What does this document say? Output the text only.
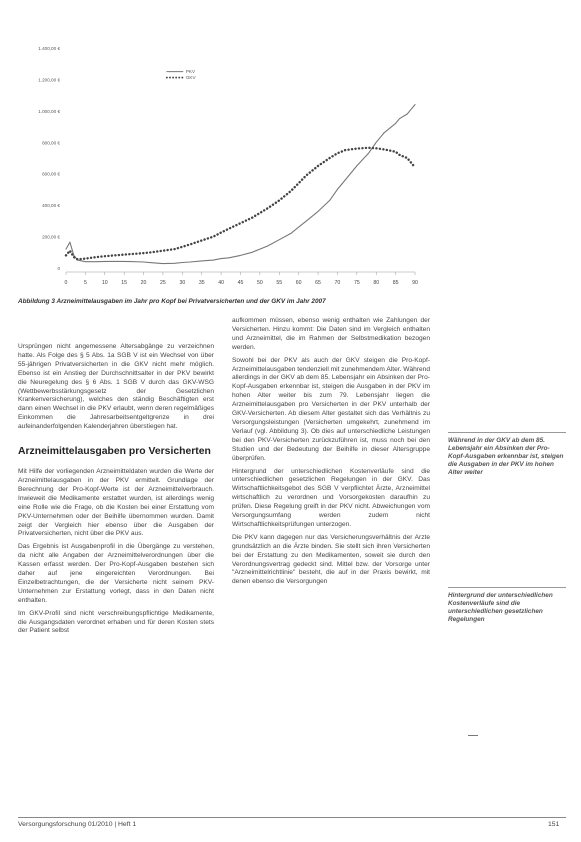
1.400,00 €
1.200,00 €
1.000,00 €
800,00 €
600,00 €
400,00 €
200,00 €
0
0	5	10	15	20	25	30	35	40	45	50	55	60	65	70	75	80	85	90
PKV
GKV
Abbildung 3 Arzneimittelausgaben im Jahr pro Kopf bei Privatversicherten und der GKV im Jahr 2007

Ursprüngen nicht angemessene Altersabgänge zu verzeichnen hatte. Als Folge des § 5 Abs. 1a SGB V ist ein Wechsel von über 55-jährigen Privatversicherten in die GKV nicht mehr möglich. Ebenso ist ein Anstieg der Durchschnittsalter in der PKV bewirkt die Neuregelung des § 6 Abs. 1 SGB V durch das GKV-WSG (Wettbewerbsstärkungsgesetz der Gesetzlichen Krankenversicherung), welches den ständig Beschäftigten erst dann einen Wechsel in die PKV erlaubt, wenn deren regelmäßiges Einkommen die Jahresarbeitsentgeltgrenze in drei aufeinanderfolgenden Kalenderjahren überstiegen hat.

Arzneimittelausgaben pro Versicherten

Mit Hilfe der vorliegenden Arzneimitteldaten wurden die Werte der Arzneimittelausgaben in der PKV ermittelt. Grundlage der Berechnung der Pro-Kopf-Werte ist der Arzneimittelverbrauch. Inwieweit die Medikamente erstattet wurden, ist allerdings wenig eine Rolle wie die Frage, ob die Kosten bei einer Erstattung vom PKV-Unternehmen oder der Beihilfe übernommen wurden. Damit zeigt der Vergleich hier ebenso über die Ausgaben der Privatversicherten, nicht über die PKV aus.

Das Ergebnis ist Ausgabenprofil in die Übergänge zu verstehen, da nicht alle Angaben der Arzneimittelverordnungen über die Kassen erfasst werden. Der Pro-Kopf-Ausgaben bestehen sich daher auf jene eingereichten Verordnungen. Bei Einzelbetrachtungen, die der Versicherte nicht seinem PKV-Unternehmen zur Erstattung vorlegt, dass in den Daten nicht enthalten.

Im GKV-Profil sind nicht verschreibungspflichtige Medikamente, die Ausgangsdaten verordnet erhaben und für deren Kosten stets der Patient selbst

aufkommen müssen, ebenso wenig enthalten wie Zahlungen der Versicherten. Hinzu kommt: Die Daten sind im Vergleich enthalten und Arzneimittel, die im Rahmen der Selbstmedikation bezogen werden.

Sowohl bei der PKV als auch der GKV steigen die Pro-Kopf-Arzneimittelausgaben tendenziell mit zunehmendem Alter. Während allerdings in der GKV ab dem 85. Lebensjahr ein Absinken der Pro-Kopf-Ausgaben erkennbar ist, steigen die Ausgaben in der PKV im hohen Alter weiter bis zum 79. Lebensjahr liegen die Arzneimittelausgaben pro Versicherten in der PKV unterhalb der GKV-Versicherten. Ab diesem Alter gestaltet sich das Verhältnis zu Versorgungsleistungen (Versicherten umgekehrt, zunehmend im Verlauf (vgl. Abbildung 3). Ob dies auf unterschiedliche Leistungen bei den PKV-Versicherten zurückzuführen ist, muss noch bei den Studien und der Bedeutung der Beihilfe in dieser Altersgruppe überprüfen.

Hintergrund der unterschiedlichen Kostenverläufe sind die unterschiedlichen gesetzlichen Regelungen in der GKV. Das Wirtschaftlichkeitsgebot des SGB V verpflichtet Ärzte, Arzneimittel wirtschaftlich zu verordnen und Vorsorgekosten daraufhin zu prüfen. Diese Regelung greift in der PKV nicht. Abweichungen vom Versorgungsumfang werden zudem nicht Wirtschaftlichkeitsprüfungen unterzogen.

Die PKV kann dagegen nur das Versicherungsverhältnis der Arzte grundsätzlich an die Ärzte binden. Sie stellt sich ihren Versicherten bei der Erstattung zu den Medikamenten, soweit sie durch den Verordnungsvertrag gedeckt sind. Mittel bzw. der Vorsorge unter "Arzneimittelrichtlinie" besteht, die auf in der Praxis bewirkt, mit denen ebenso die Versorgungen

Während in der GKV ab dem 85. Lebensjahr ein Absinken der Pro-Kopf-Ausgaben erkennbar ist, steigen die Ausgaben in der PKV im hohen Alter weiter
Hintergrund der unterschiedlichen Kostenverläufe sind die unterschiedlichen gesetzlichen Regelungen
Versorgungsforschung 01/2010 | Heft 1	151
